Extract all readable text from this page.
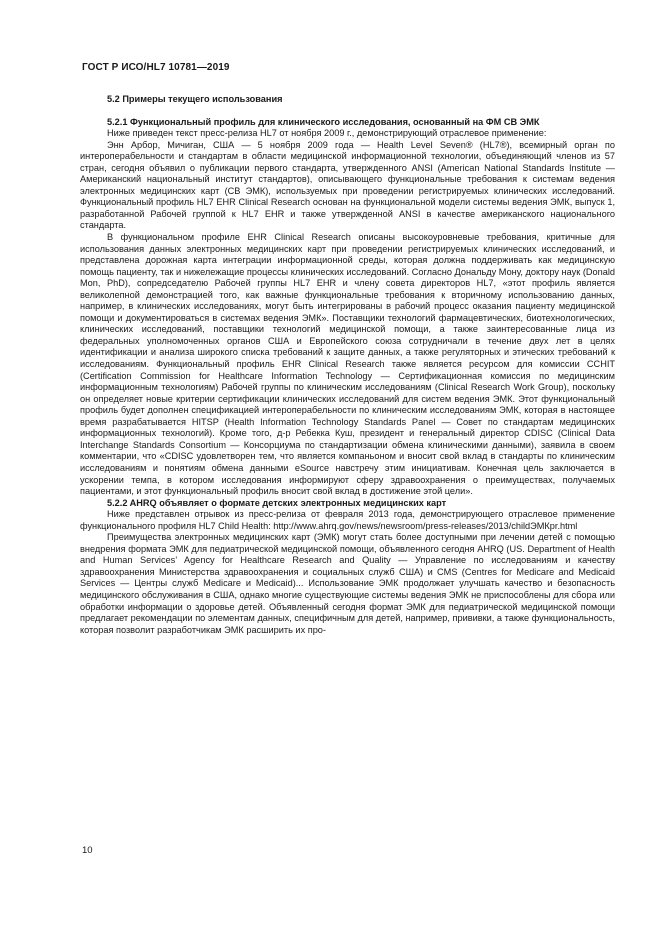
ГОСТ Р ИСО/HL7 10781—2019
5.2 Примеры текущего использования
5.2.1 Функциональный профиль для клинического исследования, основанный на ФМ СВ ЭМК
Ниже приведен текст пресс-релиза HL7 от ноября 2009 г., демонстрирующий отраслевое применение:
Энн Арбор, Мичиган, США — 5 ноября 2009 года — Health Level Seven® (HL7®), всемирный орган по интероперабельности и стандартам в области медицинской информационной технологии, объединяющий членов из 57 стран, сегодня объявил о публикации первого стандарта, утвержденного ANSI (American National Standards Institute — Американский национальный институт стандартов), описывающего функциональные требования к системам ведения электронных медицинских карт (СВ ЭМК), используемых при проведении регистрируемых клинических исследований. Функциональный профиль HL7 EHR Clinical Research основан на функциональной модели системы ведения ЭМК, выпуск 1, разработанной Рабочей группой к HL7 EHR и также утвержденной ANSI в качестве американского национального стандарта.
В функциональном профиле EHR Clinical Research описаны высокоуровневые требования, критичные для использования данных электронных медицинских карт при проведении регистрируемых клинических исследований, и представлена дорожная карта интеграции информационной среды, которая должна поддерживать как медицинскую помощь пациенту, так и нижележащие процессы клинических исследований. Согласно Дональду Мону, доктору наук (Donald Mon, PhD), сопредседателю Рабочей группы HL7 EHR и члену совета директоров HL7, «этот профиль является великолепной демонстрацией того, как важные функциональные требования к вторичному использованию данных, например, в клинических исследованиях, могут быть интегрированы в рабочий процесс оказания пациенту медицинской помощи и документироваться в системах ведения ЭМК». Поставщики технологий фармацевтических, биотехнологических, клинических исследований, поставщики технологий медицинской помощи, а также заинтересованные лица из федеральных уполномоченных органов США и Европейского союза сотрудничали в течение двух лет в целях идентификации и анализа широкого списка требований к защите данных, а также регуляторных и этических требований к исследованиям. Функциональный профиль EHR Clinical Research также является ресурсом для комиссии CCHIT (Certification Commission for Healthcare Information Technology — Сертификационная комиссия по медицинским информационным технологиям) Рабочей группы по клиническим исследованиям (Clinical Research Work Group), поскольку он определяет новые критерии сертификации клинических исследований для систем ведения ЭМК. Этот функциональный профиль будет дополнен спецификацией интероперабельности по клиническим исследованиям ЭМК, которая в настоящее время разрабатывается HITSP (Health Information Technology Standards Panel — Совет по стандартам медицинских информационных технологий). Кроме того, д-р Ребекка Куш, президент и генеральный директор CDISC (Clinical Data Interchange Standards Consortium — Консорциума по стандартизации обмена клиническими данными), заявила в своем комментарии, что «CDISC удовлетворен тем, что является компаньоном и вносит свой вклад в стандарты по клиническим исследованиям и понятиям обмена данными eSource навстречу этим инициативам. Конечная цель заключается в ускорении темпа, в котором исследования информируют сферу здравоохранения о преимуществах, получаемых пациентами, и этот функциональный профиль вносит свой вклад в достижение этой цели».
5.2.2 AHRQ объявляет о формате детских электронных медицинских карт
Ниже представлен отрывок из пресс-релиза от февраля 2013 года, демонстрирующего отраслевое применение функционального профиля HL7 Child Health: http://www.ahrq.gov/news/newsroom/press-releases/2013/childЭМКpr.html
Преимущества электронных медицинских карт (ЭМК) могут стать более доступными при лечении детей с помощью внедрения формата ЭМК для педиатрической медицинской помощи, объявленного сегодня AHRQ (US. Department of Health and Human Services’ Agency for Healthcare Research and Quality — Управление по исследованиям и качеству здравоохранения Министерства здравоохранения и социальных служб США) и CMS (Centres for Medicare and Medicaid Services — Центры служб Medicare и Medicaid)... Использование ЭМК продолжает улучшать качество и безопасность медицинского обслуживания в США, однако многие существующие системы ведения ЭМК не приспособлены для сбора или обработки информации о здоровье детей. Объявленный сегодня формат ЭМК для педиатрической медицинской помощи предлагает рекомендации по элементам данных, специфичным для детей, например, прививки, а также функциональность, которая позволит разработчикам ЭМК расширить их про-
10
